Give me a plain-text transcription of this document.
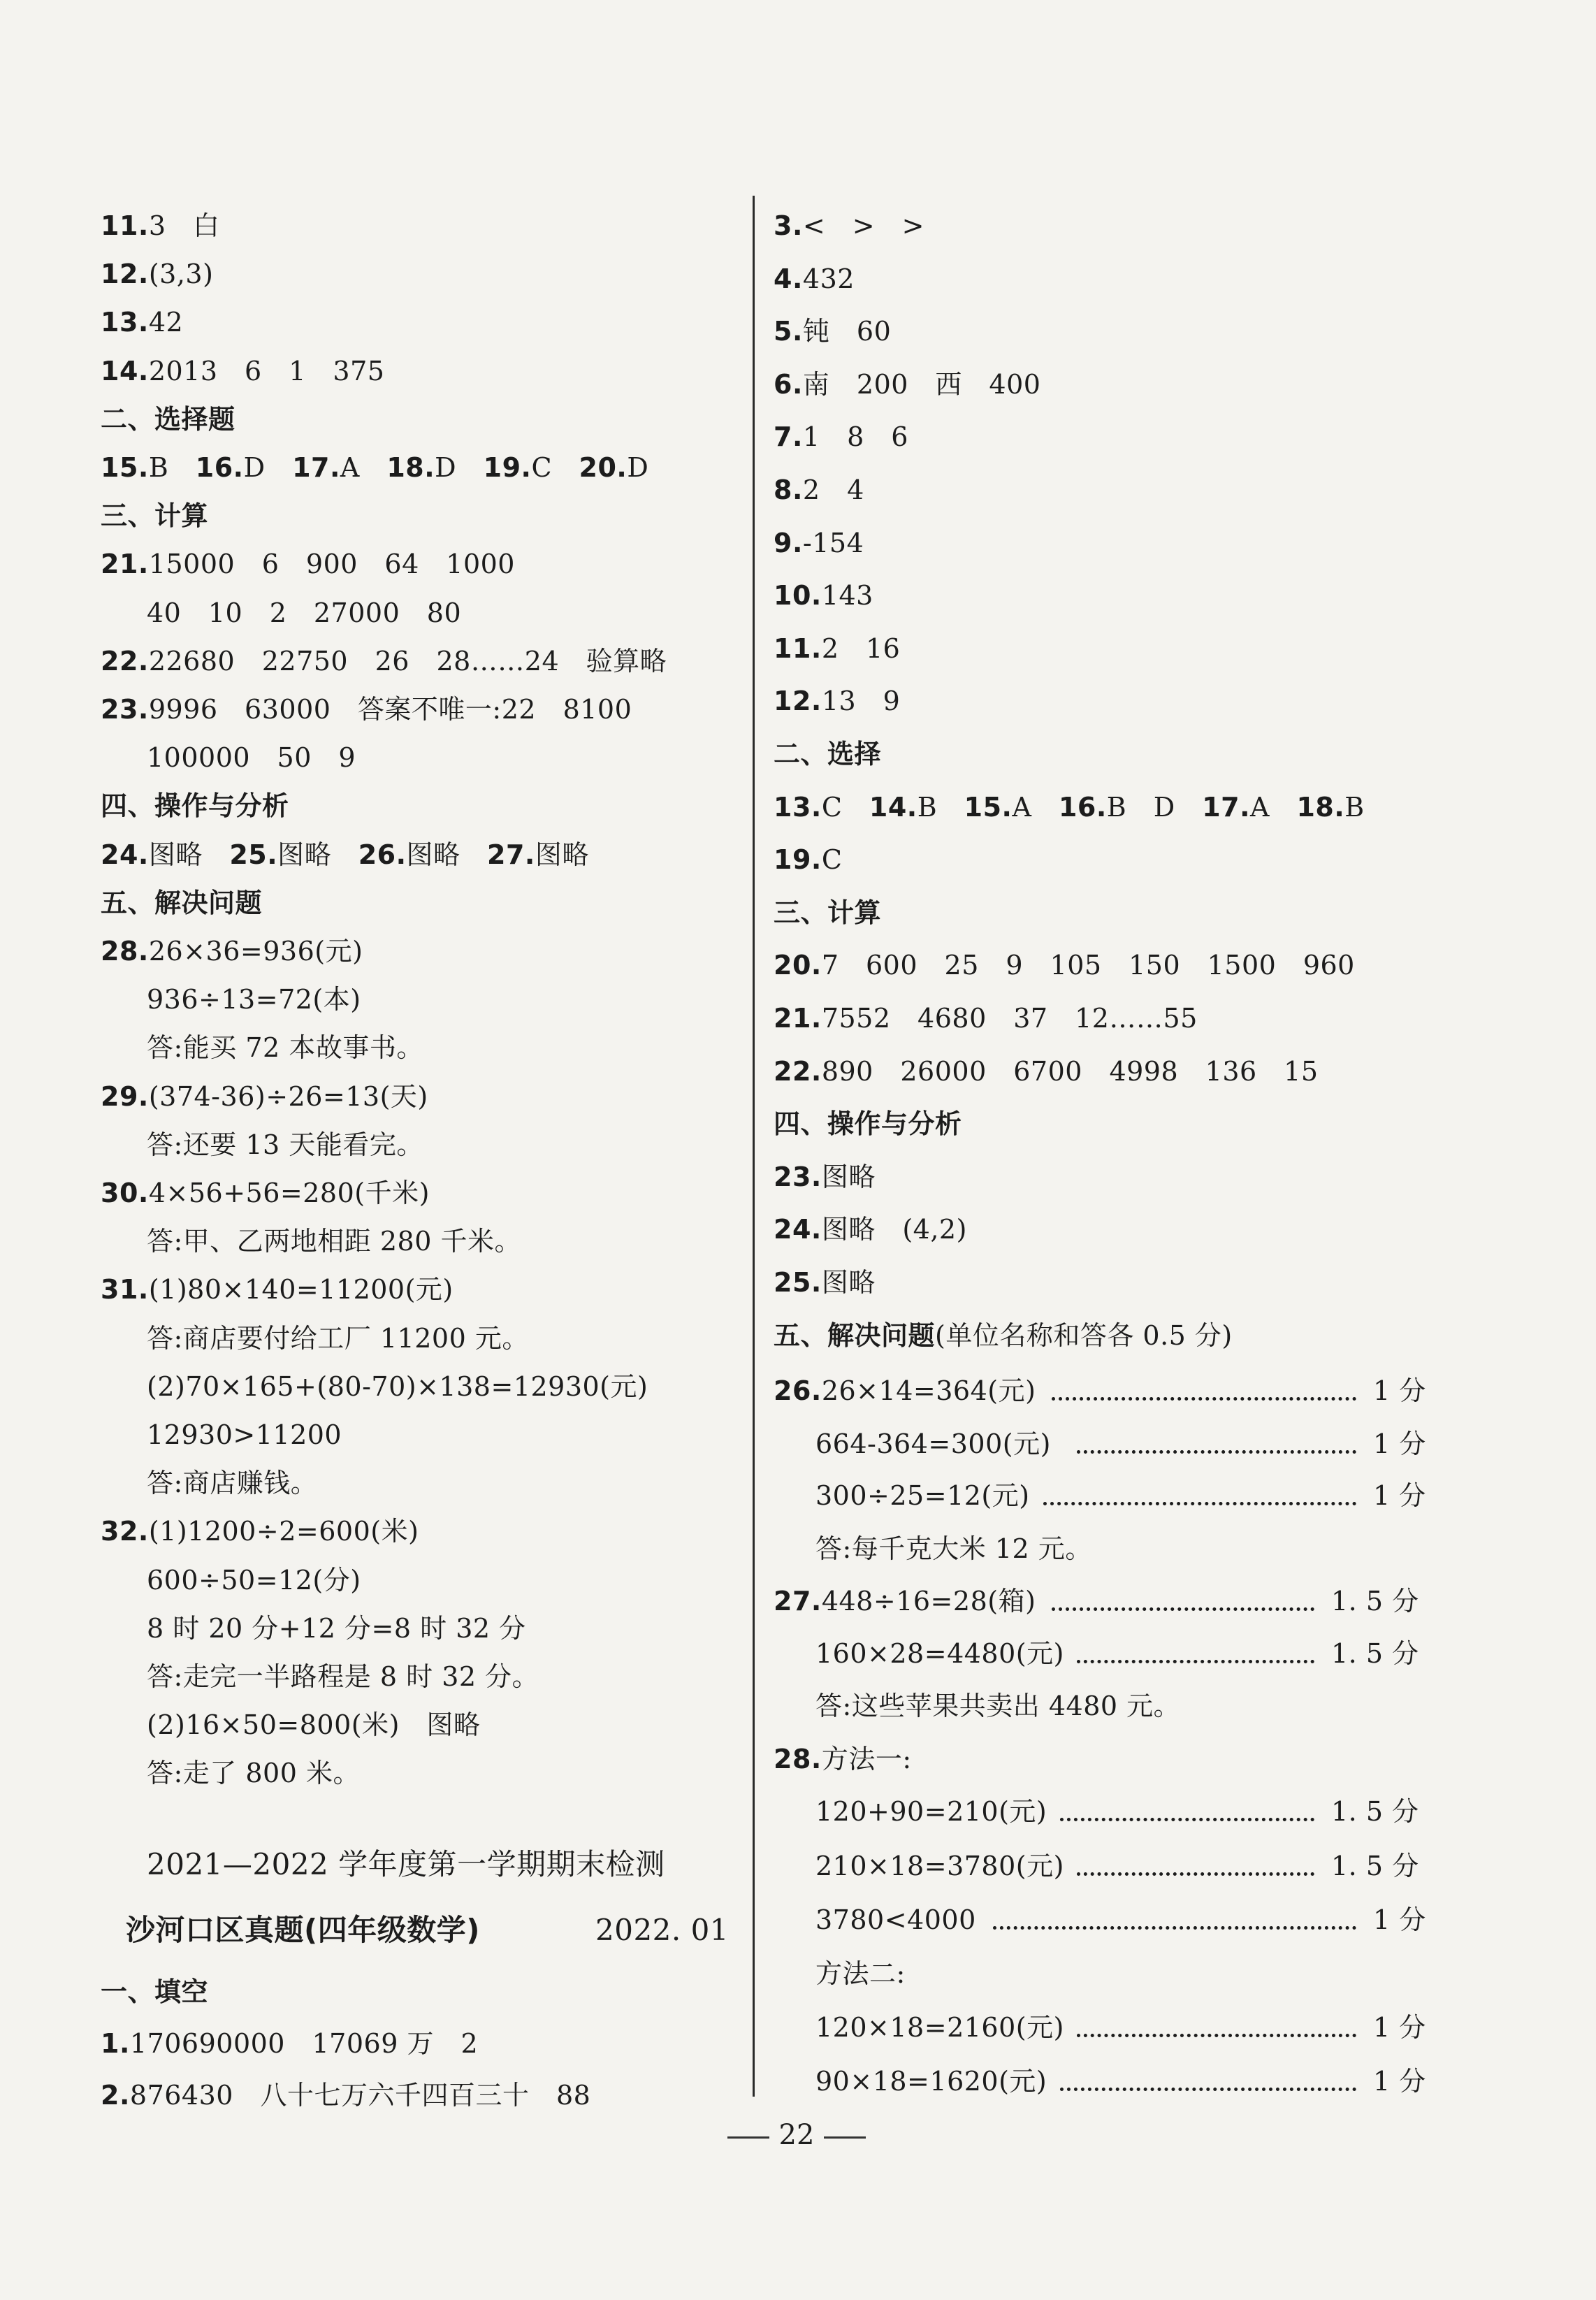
11.3　白
12.(3,3)
13.42
14.2013　6　1　375
二、选择题
15.B　16.D　17.A　18.D　19.C　20.D
三、计算
21.15000　6　900　64　1000
40　10　2　27000　80
22.22680　22750　26　28……24　验算略
23.9996　63000　答案不唯一:22　8100
100000　50　9
四、操作与分析
24.图略　25.图略　26.图略　27.图略
五、解决问题
28.26×36=936(元)
936÷13=72(本)
答:能买 72 本故事书。
29.(374-36)÷26=13(天)
答:还要 13 天能看完。
30.4×56+56=280(千米)
答:甲、乙两地相距 280 千米。
31.(1)80×140=11200(元)
答:商店要付给工厂 11200 元。
(2)70×165+(80-70)×138=12930(元)
12930>11200
答:商店赚钱。
32.(1)1200÷2=600(米)
600÷50=12(分)
8 时 20 分+12 分=8 时 32 分
答:走完一半路程是 8 时 32 分。
(2)16×50=800(米)　图略
答:走了 800 米。
一、填空
1.170690000　17069 万　2
2.876430　八十七万六千四百三十　88
3.<　>　>
4.432
5.钝　60
6.南　200　西　400
7.1　8　6
8.2　4
9.-154
10.143
11.2　16
12.13　9
二、选择
13.C　14.B　15.A　16.B　D　17.A　18.B
19.C
三、计算
20.7　600　25　9　105　150　1500　960
21.7552　4680　37　12……55
22.890　26000　6700　4998　136　15
四、操作与分析
23.图略
24.图略　(4,2)
25.图略
五、解决问题(单位名称和答各 0.5 分)
26.26×14=364(元)	1 分
664-364=300(元)	1 分
300÷25=12(元)	1 分
答:每千克大米 12 元。
27.448÷16=28(箱)	1. 5 分
160×28=4480(元)	1. 5 分
答:这些苹果共卖出 4480 元。
28.方法一:
120+90=210(元)	1. 5 分
210×18=3780(元)	1. 5 分
3780<4000	1 分
方法二:
120×18=2160(元)	1 分
90×18=1620(元)	1 分
2021—2022 学年度第一学期期末检测
沙河口区真题(四年级数学)	2022. 01
22
